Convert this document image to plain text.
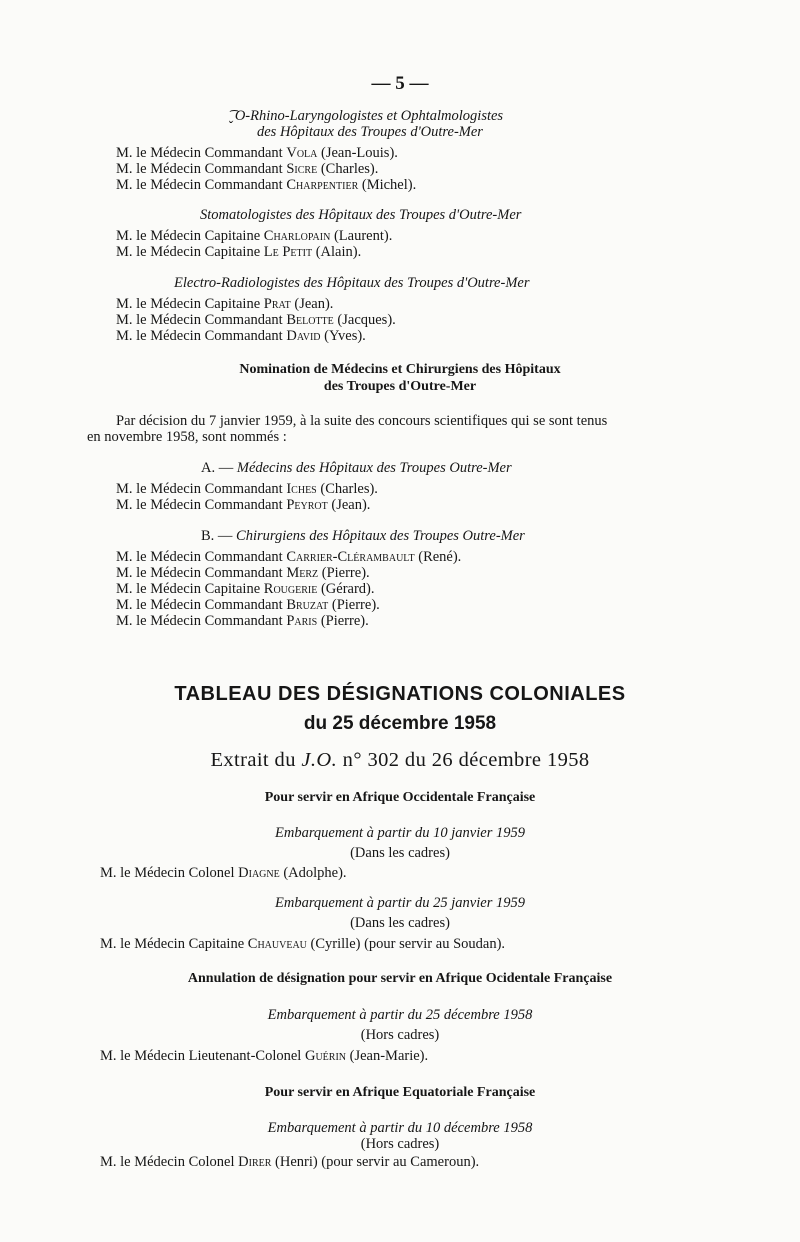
— 5 —
͡ˬO-Rhino-Laryngologistes et Ophtalmologistes
des Hôpitaux des Troupes d'Outre-Mer
M. le Médecin Commandant Vola (Jean-Louis).
M. le Médecin Commandant Sicre (Charles).
M. le Médecin Commandant Charpentier (Michel).
Stomatologistes des Hôpitaux des Troupes d'Outre-Mer
M. le Médecin Capitaine Charlopain (Laurent).
M. le Médecin Capitaine Le Petit (Alain).
Electro-Radiologistes des Hôpitaux des Troupes d'Outre-Mer
M. le Médecin Capitaine Prat (Jean).
M. le Médecin Commandant Belotte (Jacques).
M. le Médecin Commandant David (Yves).
Nomination de Médecins et Chirurgiens des Hôpitaux
des Troupes d'Outre-Mer
Par décision du 7 janvier 1959, à la suite des concours scientifiques qui se sont tenus
en novembre 1958, sont nommés :
A. — Médecins des Hôpitaux des Troupes Outre-Mer
M. le Médecin Commandant Iches (Charles).
M. le Médecin Commandant Peyrot (Jean).
B. — Chirurgiens des Hôpitaux des Troupes Outre-Mer
M. le Médecin Commandant Carrier-Clérambault (René).
M. le Médecin Commandant Merz (Pierre).
M. le Médecin Capitaine Rougerie (Gérard).
M. le Médecin Commandant Bruzat (Pierre).
M. le Médecin Commandant Paris (Pierre).
TABLEAU DES DÉSIGNATIONS COLONIALES
du 25 décembre 1958
Extrait du J.O. n° 302 du 26 décembre 1958
Pour servir en Afrique Occidentale Française
Embarquement à partir du 10 janvier 1959
(Dans les cadres)
M. le Médecin Colonel Diagne (Adolphe).
Embarquement à partir du 25 janvier 1959
(Dans les cadres)
M. le Médecin Capitaine Chauveau (Cyrille) (pour servir au Soudan).
Annulation de désignation pour servir en Afrique Ocidentale Française
Embarquement à partir du 25 décembre 1958
(Hors cadres)
M. le Médecin Lieutenant-Colonel Guérin (Jean-Marie).
Pour servir en Afrique Equatoriale Française
Embarquement à partir du 10 décembre 1958
(Hors cadres)
M. le Médecin Colonel Direr (Henri) (pour servir au Cameroun).
